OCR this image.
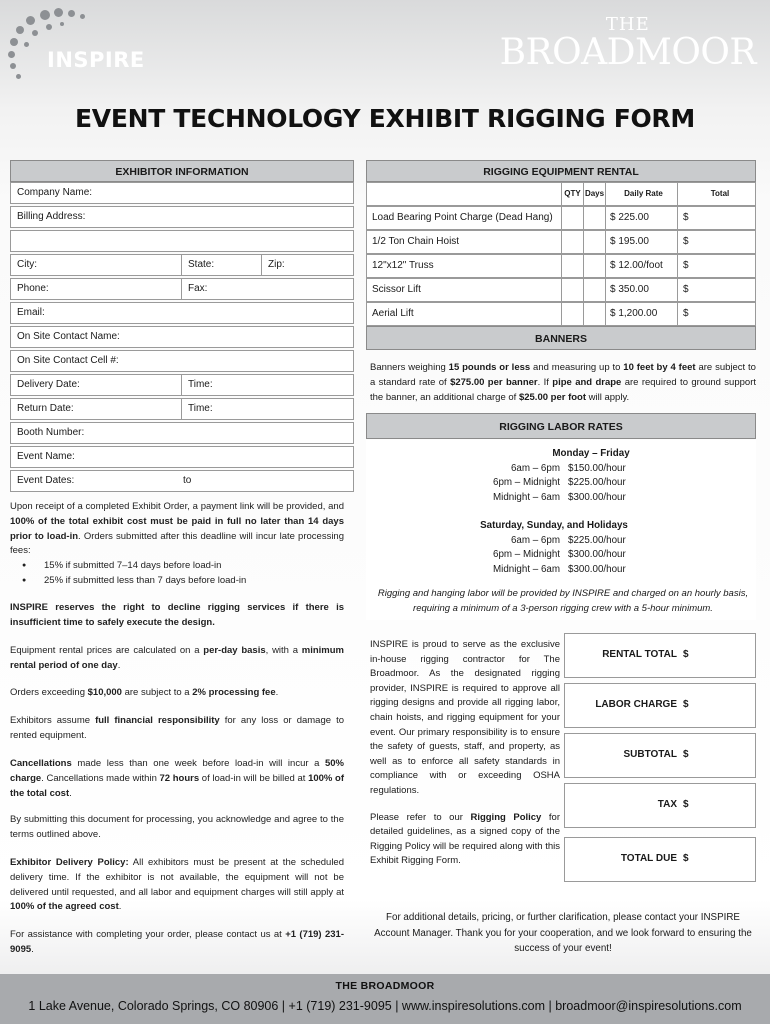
INSPIRE
THE
BROADMOOR
EVENT TECHNOLOGY EXHIBIT RIGGING FORM
EXHIBITOR INFORMATION
Company Name:
Billing Address:
City:	State:	Zip:
Phone:	Fax:
Email:
On Site Contact Name:
On Site Contact Cell #:
Delivery Date:	Time:
Return Date:	Time:
Booth Number:
Event Name:
Event Dates:	to
Upon receipt of a completed Exhibit Order, a payment link will be provided, and 100% of the total exhibit cost must be paid in full no later than 14 days prior to load-in. Orders submitted after this deadline will incur late processing fees:
● 15% if submitted 7–14 days before load-in
● 25% if submitted less than 7 days before load-in
INSPIRE reserves the right to decline rigging services if there is insufficient time to safely execute the design.
Equipment rental prices are calculated on a per-day basis, with a minimum rental period of one day.
Orders exceeding $10,000 are subject to a 2% processing fee.
Exhibitors assume full financial responsibility for any loss or damage to rented equipment.
Cancellations made less than one week before load-in will incur a 50% charge. Cancellations made within 72 hours of load-in will be billed at 100% of the total cost.
By submitting this document for processing, you acknowledge and agree to the terms outlined above.
Exhibitor Delivery Policy: All exhibitors must be present at the scheduled delivery time. If the exhibitor is not available, the equipment will not be delivered until requested, and all labor and equipment charges will still apply at 100% of the agreed cost.
For assistance with completing your order, please contact us at +1 (719) 231-9095.
RIGGING EQUIPMENT RENTAL
QTY Days	Daily Rate	Total
Load Bearing Point Charge (Dead Hang)	$ 225.00	$
1/2 Ton Chain Hoist	$ 195.00	$
12"x12" Truss	$ 12.00/foot	$
Scissor Lift	$ 350.00	$
Aerial Lift	$ 1,200.00	$
BANNERS
Banners weighing 15 pounds or less and measuring up to 10 feet by 4 feet are subject to a standard rate of $275.00 per banner. If pipe and drape are required to ground support the banner, an additional charge of $25.00 per foot will apply.
RIGGING LABOR RATES
Monday – Friday
6am – 6pm $150.00/hour
6pm – Midnight $225.00/hour
Midnight – 6am $300.00/hour
Saturday, Sunday, and Holidays
6am – 6pm $225.00/hour
6pm – Midnight $300.00/hour
Midnight – 6am $300.00/hour
Rigging and hanging labor will be provided by INSPIRE and charged on an hourly basis, requiring a minimum of a 3-person rigging crew with a 5-hour minimum.
INSPIRE is proud to serve as the exclusive in-house rigging contractor for The Broadmoor. As the designated rigging provider, INSPIRE is required to approve all rigging designs and provide all rigging labor, chain hoists, and rigging equipment for your event. Our primary responsibility is to ensure the safety of guests, staff, and property, as well as to enforce all safety standards in compliance with or exceeding OSHA regulations.
Please refer to our Rigging Policy for detailed guidelines, as a signed copy of the Rigging Policy will be required along with this Exhibit Rigging Form.
RENTAL TOTAL $
LABOR CHARGE $
SUBTOTAL $
TAX $
TOTAL DUE $
For additional details, pricing, or further clarification, please contact your INSPIRE Account Manager. Thank you for your cooperation, and we look forward to ensuring the success of your event!
THE BROADMOOR
1 Lake Avenue, Colorado Springs, CO 80906 | +1 (719) 231-9095 | www.inspiresolutions.com | broadmoor@inspiresolutions.com
